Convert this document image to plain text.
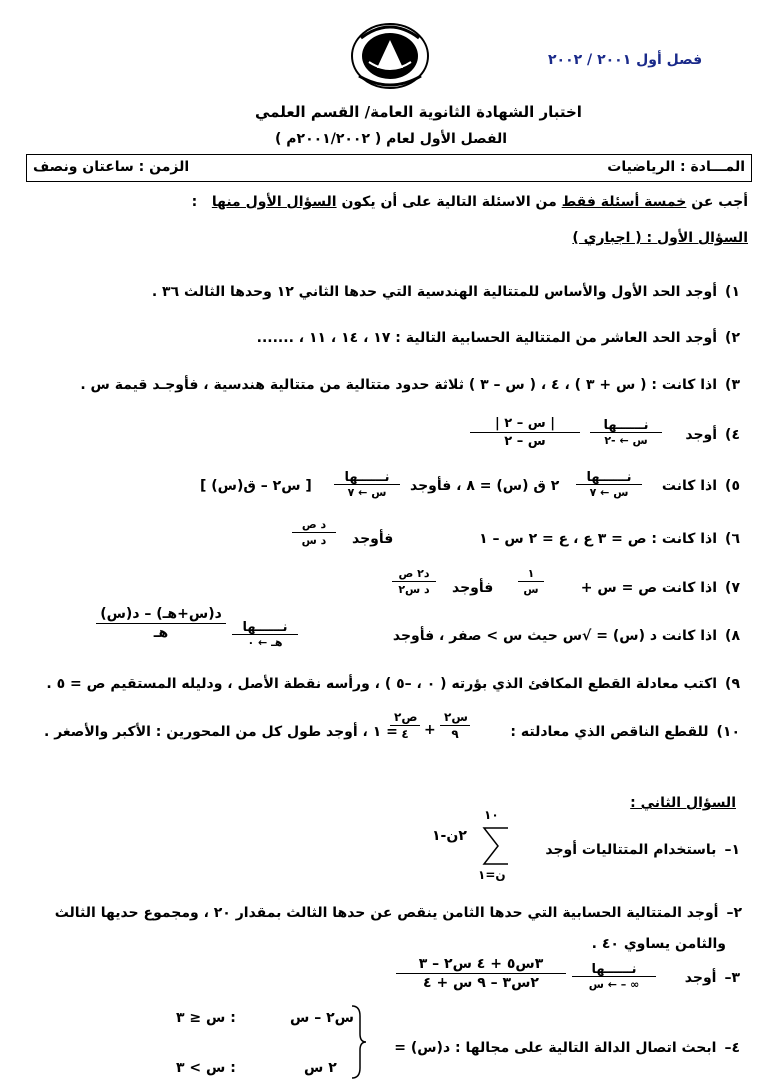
فصل أول ٢٠٠١ / ٢٠٠٢
اختبار الشهادة الثانوية العامة/ القسم العلمي
الفصل الأول لعام ( ٢٠٠١/٢٠٠٢م )
المـــادة : الرياضيات
الزمن : ساعتان ونصف
أجب عن خمسة أسئلة فقط من الاسئلة التالية على أن يكون السؤال الأول منها   :
السؤال الأول : ( اجباري )
١)أوجد الحد الأول والأساس للمتتالية الهندسية التي حدها الثاني ١٢ وحدها الثالث ٣٦ .
٢)أوجد الحد العاشر من المتتالية الحسابية التالية : ١٧ ، ١٤ ، ١١ ، .......
٣)اذا كانت : ( س + ٣ ) ، ٤ ، ( س – ٣ ) ثلاثة حدود متتالية من متتالية هندسية ، فأوجـد قيمة س .
٤)أوجد
نــــــها
س ← -٢
| س – ٢ |
س – ٢
٥)اذا كانت
نــــــها
س ← ٧
٢ ق (س) = ٨ ، فأوجد
نــــــها
س ← ٧
[ س٢ – ق(س) ]
٦)اذا كانت : ص = ٣ ع ، ع = ٢ س – ١
فأوجد
د ص
د س
٧)اذا كانت ص = س +
١
س
فأوجد
د٢ ص
د س٢
٨)اذا كانت د (س) = √س حيث س > صفر ، فأوجد
نــــــها
هـ ← ٠
د(س+هـ) – د(س)
هـ
٩)اكتب معادلة القطع المكافئ الذي بؤرته ( ٠ ، –٥ ) ، ورأسه نقطة الأصل ، ودليله المستقيم ص = ٥ .
١٠)للقطع الناقص الذي معادلته :
س٢
٩
+
ص٢
٤
= ١ ، أوجد طول كل من المحورين : الأكبر والأصغر .
السؤال الثاني :
١–باستخدام المتتاليات أوجد
١٠
ن=١
٢ن-١
٢–أوجد المتتالية الحسابية التي حدها الثامن ينقص عن حدها الثالث بمقدار ٢٠ ، ومجموع حديها الثالث
والثامن يساوي ٤٠ .
٣–أوجد
نــــــها
س ← – ∞
٣س٥ + ٤ س٢ – ٣
٢س٣ – ٩ س + ٤
٤–ابحث اتصال الدالة التالية على مجالها : د(س) =
س٢ – س
: س ≤ ٣
٢ س
: س > ٣
